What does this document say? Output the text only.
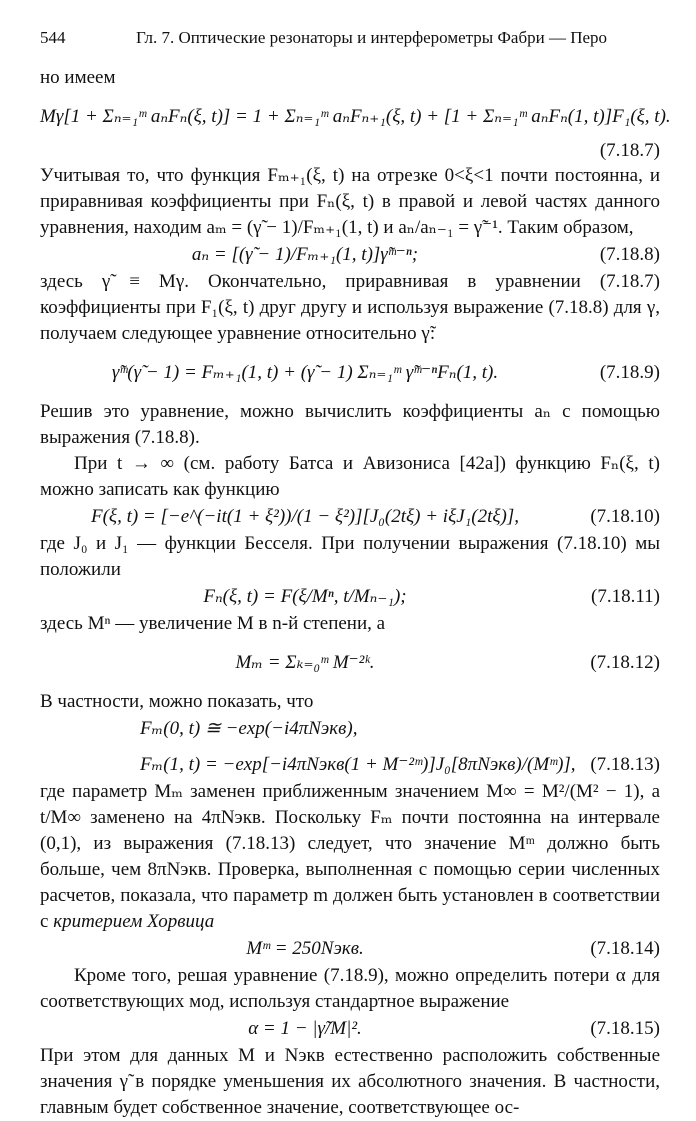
544	Гл. 7. Оптические резонаторы и интерферометры Фабри — Перо

но имеем

Mγ[1 + Σₙ₌₁ᵐ aₙFₙ(ξ, t)] = 1 + Σₙ₌₁ᵐ aₙFₙ₊₁(ξ, t) + [1 + Σₙ₌₁ᵐ aₙFₙ(1, t)]F₁(ξ, t).
(7.18.7)

Учитывая то, что функция Fₘ₊₁(ξ, t) на отрезке 0<ξ<1 почти постоянна, и приравнивая коэффициенты при Fₙ(ξ, t) в правой и левой частях данного уравнения, находим aₘ = (γ̃ − 1)/Fₘ₊₁(1, t) и aₙ/aₙ₋₁ = γ̃⁻¹. Таким образом,

aₙ = [(γ̃ − 1)/Fₘ₊₁(1, t)]γ̃ᵐ⁻ⁿ;	(7.18.8)

здесь γ̃ ≡ Mγ. Окончательно, приравнивая в уравнении (7.18.7) коэффициенты при F₁(ξ, t) друг другу и используя выражение (7.18.8) для γ, получаем следующее уравнение относительно γ̃:

γ̃ᵐ(γ̃ − 1) = Fₘ₊₁(1, t) + (γ̃ − 1) Σₙ₌₁ᵐ γ̃ᵐ⁻ⁿFₙ(1, t).	(7.18.9)

Решив это уравнение, можно вычислить коэффициенты aₙ с помощью выражения (7.18.8).

При t → ∞ (см. работу Батса и Авизониса [42а]) функцию Fₙ(ξ, t) можно записать как функцию

F(ξ, t) = [−e^(−it(1 + ξ²))/(1 − ξ²)][J₀(2tξ) + iξJ₁(2tξ)],	(7.18.10)

где J₀ и J₁ — функции Бесселя. При получении выражения (7.18.10) мы положили

Fₙ(ξ, t) = F(ξ/Mⁿ, t/Mₙ₋₁);	(7.18.11)

здесь Mⁿ — увеличение M в n-й степени, а

Mₘ = Σₖ₌₀ᵐ M⁻²ᵏ.	(7.18.12)

В частности, можно показать, что

Fₘ(0, t) ≅ −exp(−i4πNэкв),
Fₘ(1, t) = −exp[−i4πNэкв(1 + M⁻²ᵐ)]J₀[8πNэкв)/(Mᵐ)], (7.18.13)

где параметр Mₘ заменен приближенным значением M∞ = M²/(M² − 1), а t/M∞ заменено на 4πNэкв. Поскольку Fₘ почти постоянна на интервале (0,1), из выражения (7.18.13) следует, что значение Mᵐ должно быть больше, чем 8πNэкв. Проверка, выполненная с помощью серии численных расчетов, показала, что параметр m должен быть установлен в соответствии с критерием Хорвица

Mᵐ = 250Nэкв.	(7.18.14)

Кроме того, решая уравнение (7.18.9), можно определить потери α для соответствующих мод, используя стандартное выражение

α = 1 − |γ̃/M|².	(7.18.15)

При этом для данных M и Nэкв естественно расположить собственные значения γ̃ в порядке уменьшения их абсолютного значения. В частности, главным будет собственное значение, соответствующее ос-
